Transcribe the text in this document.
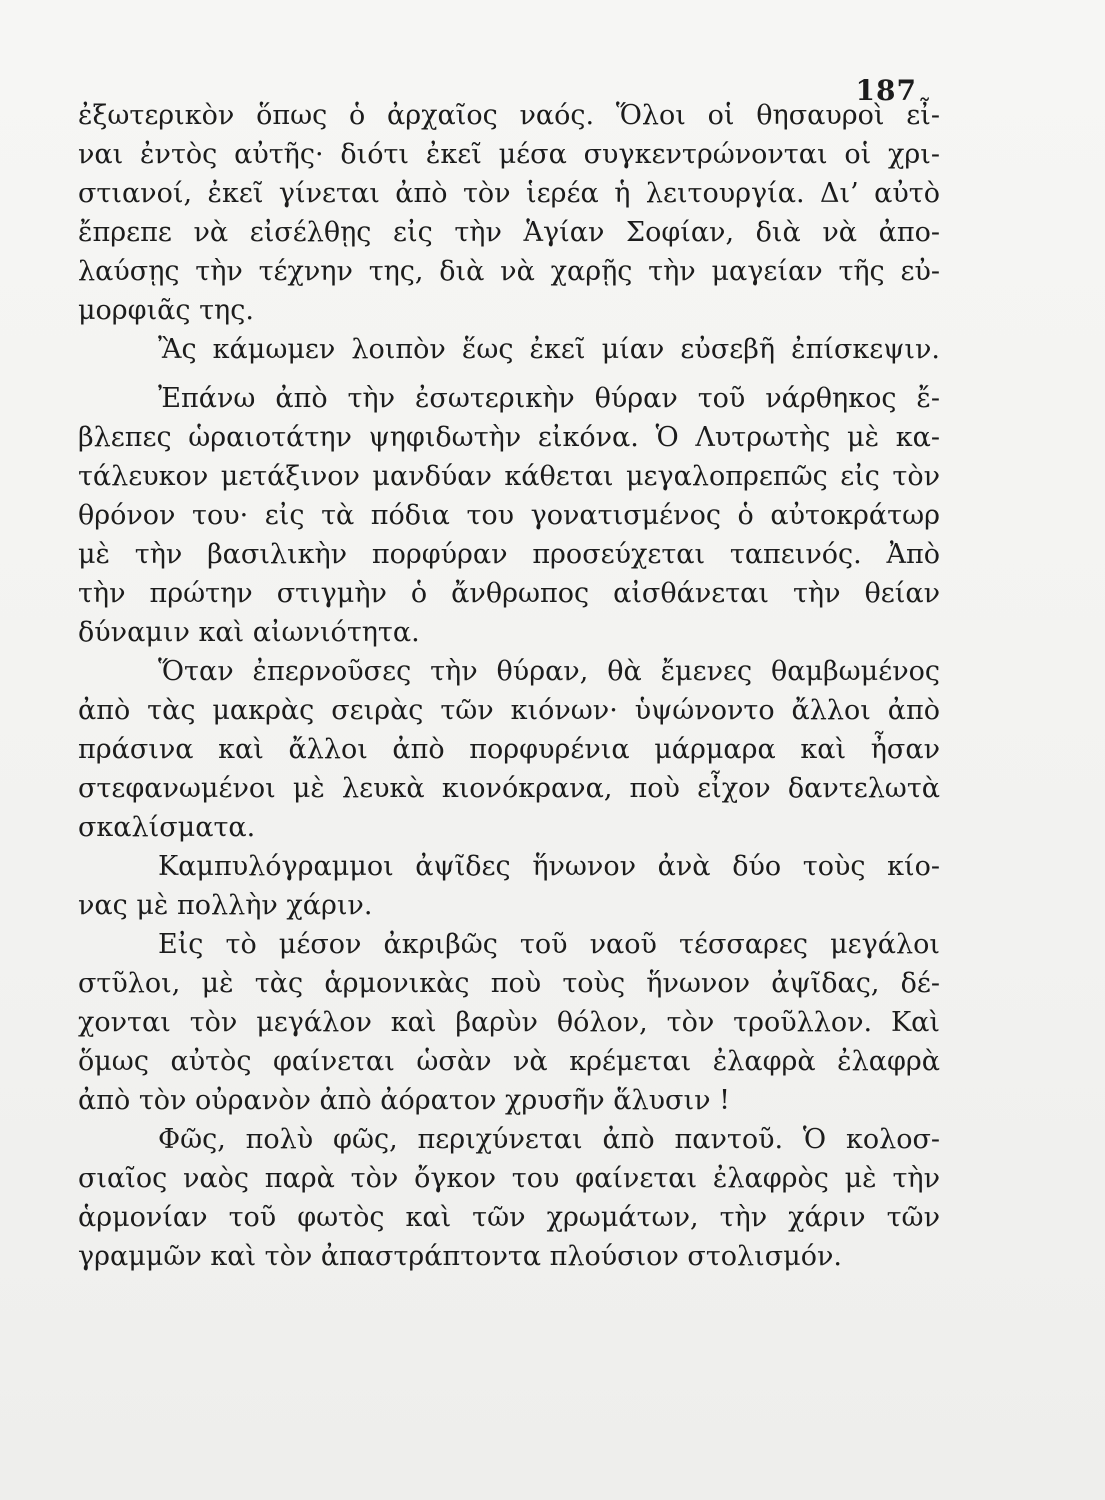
187
ἐξωτερικὸν ὅπως ὁ ἀρχαῖος ναός. Ὅλοι οἱ θησαυροὶ εἶ-
ναι ἐντὸς αὐτῆς· διότι ἐκεῖ μέσα συγκεντρώνονται οἱ χρι-
στιανοί, ἐκεῖ γίνεται ἀπὸ τὸν ἱερέα ἡ λειτουργία. Δι’ αὐτὸ
ἔπρεπε νὰ εἰσέλθῃς εἰς τὴν Ἁγίαν Σοφίαν, διὰ νὰ ἀπο-
λαύσῃς τὴν τέχνην της, διὰ νὰ χαρῇς τὴν μαγείαν τῆς εὐ-
μορφιᾶς της.
Ἂς κάμωμεν λοιπὸν ἕως ἐκεῖ μίαν εὐσεβῆ ἐπίσκεψιν.
Ἐπάνω ἀπὸ τὴν ἐσωτερικὴν θύραν τοῦ νάρθηκος ἔ-
βλεπες ὡραιοτάτην ψηφιδωτὴν εἰκόνα. Ὁ Λυτρωτὴς μὲ κα-
τάλευκον μετάξινον μανδύαν κάθεται μεγαλοπρεπῶς εἰς τὸν
θρόνον του· εἰς τὰ πόδια του γονατισμένος ὁ αὐτοκράτωρ
μὲ τὴν βασιλικὴν πορφύραν προσεύχεται ταπεινός. Ἀπὸ
τὴν πρώτην στιγμὴν ὁ ἄνθρωπος αἰσθάνεται τὴν θείαν
δύναμιν καὶ αἰωνιότητα.
Ὅταν ἐπερνοῦσες τὴν θύραν, θὰ ἔμενες θαμβωμένος
ἀπὸ τὰς μακρὰς σειρὰς τῶν κιόνων· ὑψώνοντο ἄλλοι ἀπὸ
πράσινα καὶ ἄλλοι ἀπὸ πορφυρένια μάρμαρα καὶ ἦσαν
στεφανωμένοι μὲ λευκὰ κιονόκρανα, ποὺ εἶχον δαντελωτὰ
σκαλίσματα.
Καμπυλόγραμμοι ἀψῖδες ἥνωνον ἀνὰ δύο τοὺς κίο-
νας μὲ πολλὴν χάριν.
Εἰς τὸ μέσον ἀκριβῶς τοῦ ναοῦ τέσσαρες μεγάλοι
στῦλοι, μὲ τὰς ἁρμονικὰς ποὺ τοὺς ἥνωνον ἀψῖδας, δέ-
χονται τὸν μεγάλον καὶ βαρὺν θόλον, τὸν τροῦλλον. Καὶ
ὅμως αὐτὸς φαίνεται ὡσὰν νὰ κρέμεται ἐλαφρὰ ἐλαφρὰ
ἀπὸ τὸν οὐρανὸν ἀπὸ ἀόρατον χρυσῆν ἅλυσιν !
Φῶς, πολὺ φῶς, περιχύνεται ἀπὸ παντοῦ. Ὁ κολοσ-
σιαῖος ναὸς παρὰ τὸν ὄγκον του φαίνεται ἐλαφρὸς μὲ τὴν
ἁρμονίαν τοῦ φωτὸς καὶ τῶν χρωμάτων, τὴν χάριν τῶν
γραμμῶν καὶ τὸν ἀπαστράπτοντα πλούσιον στολισμόν.
